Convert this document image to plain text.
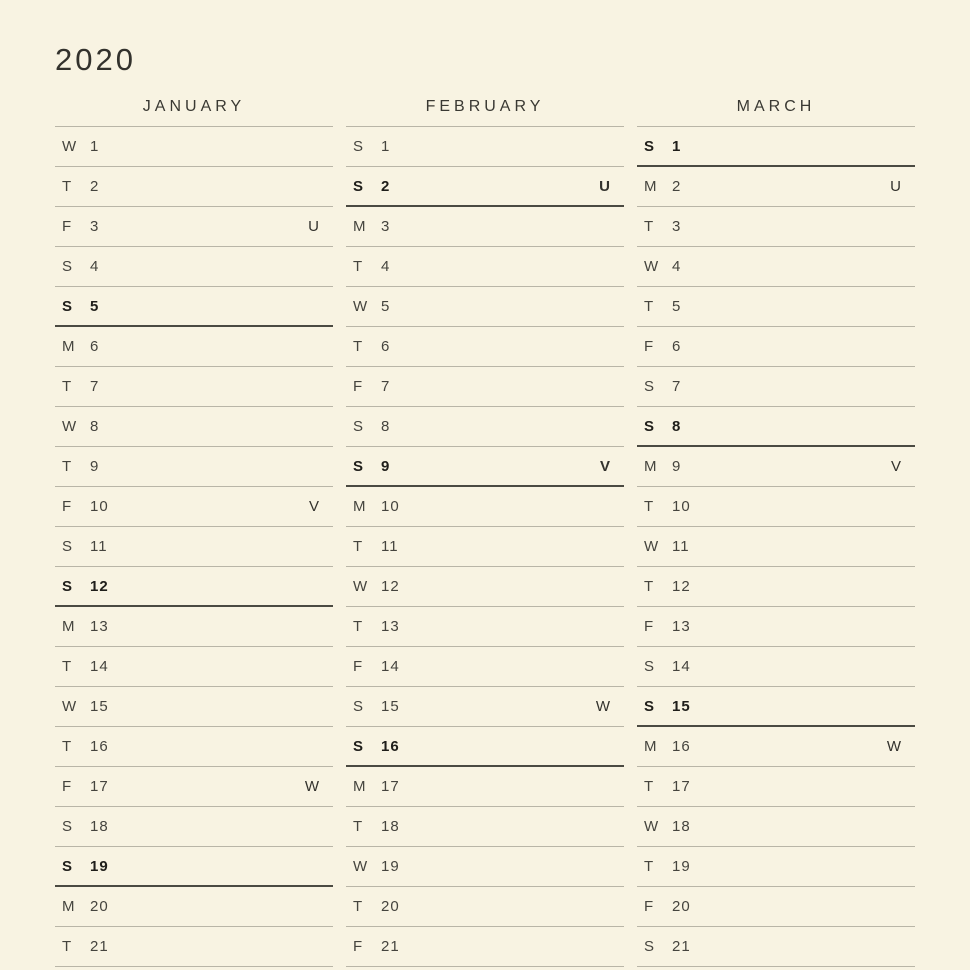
2020
JANUARY
W 1
T	2
F	3	U
S	4
S	5
M 6
T	7
W 8
T	9
F	10	V
S	11
S	12
M 13
T	14
W 15
T	16
F	17	W
S	18
S	19
M 20
T	21
FEBRUARY
S	1
S	2	U
M 3
T	4
W 5
T	6
F	7
S	8
S	9	V
M 10
T	11
W 12
T	13
F	14
S	15	W
S	16
M 17
T	18
W 19
T	20
F	21
MARCH
S	1
M 2	U
T	3
W 4
T	5
F	6
S	7
S	8
M 9	V
T	10
W 11
T	12
F	13
S	14
S	15
M 16	W
T	17
W 18
T	19
F	20
S	21
